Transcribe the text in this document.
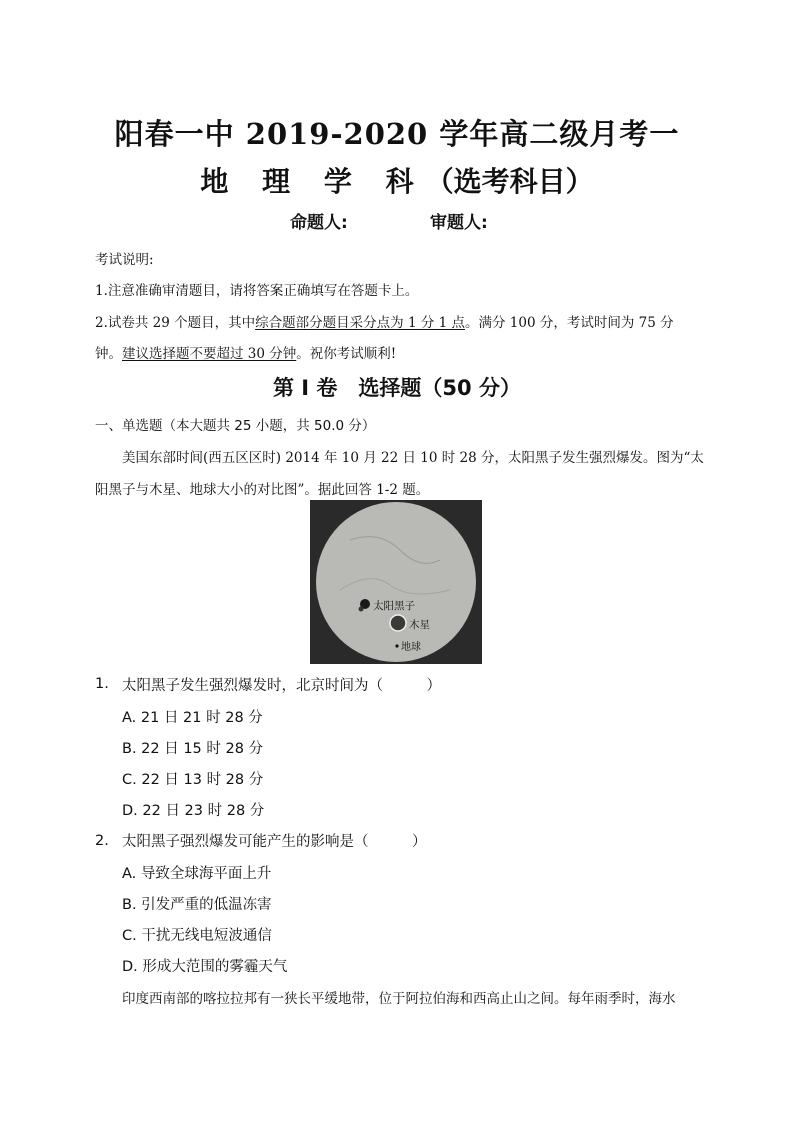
阳春一中 2019-2020 学年高二级月考一
地 理 学 科（选考科目）
命题人:	审题人:
考试说明:
1.注意准确审清题目，请将答案正确填写在答题卡上。
2.试卷共 29 个题目，其中综合题部分题目采分点为 1 分 1 点。满分 100 分，考试时间为 75 分
钟。建议选择题不要超过 30 分钟。祝你考试顺利!
第 I 卷　选择题（50 分）
一、单选题（本大题共 25 小题，共 50.0 分）
美国东部时间(西五区区时) 2014 年 10 月 22 日 10 时 28 分，太阳黑子发生强烈爆发。图为“太
阳黑子与木星、地球大小的对比图”。据此回答 1-2 题。
太阳黑子
木星
地球
1. 太阳黑子发生强烈爆发时，北京时间为（　　　）
A. 21 日 21 时 28 分
B. 22 日 15 时 28 分
C. 22 日 13 时 28 分
D. 22 日 23 时 28 分
2. 太阳黑子强烈爆发可能产生的影响是（　　　）
A. 导致全球海平面上升
B. 引发严重的低温冻害
C. 干扰无线电短波通信
D. 形成大范围的雾霾天气
印度西南部的喀拉拉邦有一狭长平缓地带，位于阿拉伯海和西高止山之间。每年雨季时，海水
